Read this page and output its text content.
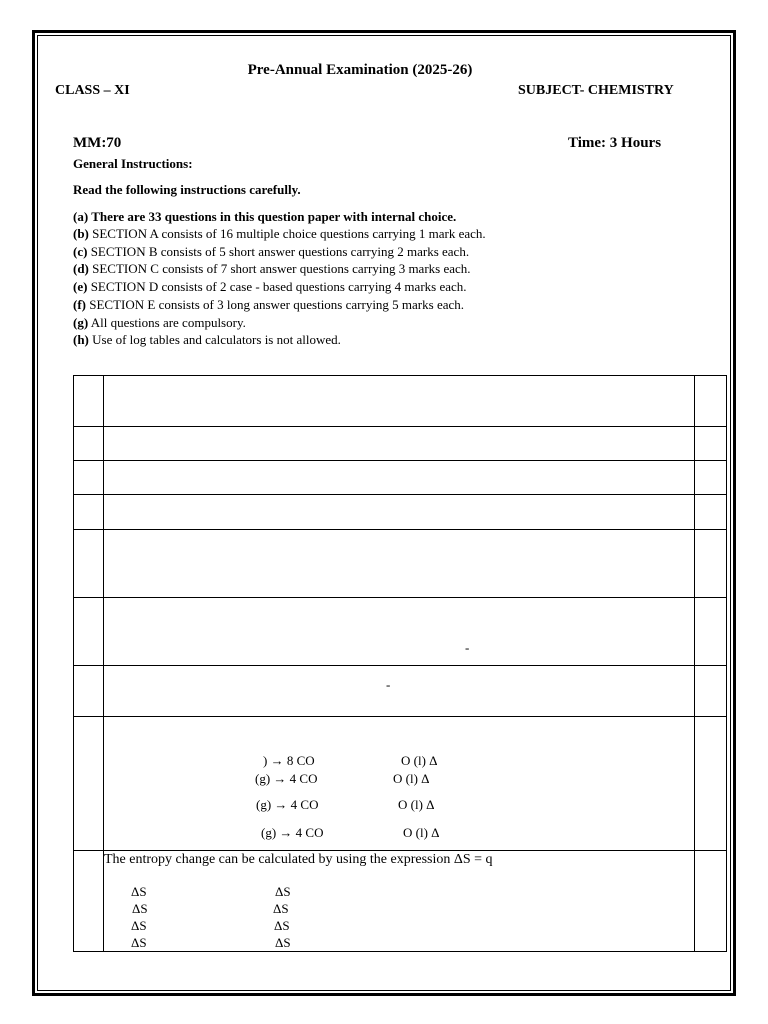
Pre-Annual Examination (2025-26)
CLASS – XI	SUBJECT- CHEMISTRY
MM:70	Time: 3 Hours
General Instructions:
Read the following instructions carefully.
(a) There are 33 questions in this question paper with internal choice.
(b) SECTION A consists of 16 multiple choice questions carrying 1 mark each.
(c) SECTION B consists of 5 short answer questions carrying 2 marks each.
(d) SECTION C consists of 7 short answer questions carrying 3 marks each.
(e) SECTION D consists of 2 case - based questions carrying 4 marks each.
(f) SECTION E consists of 3 long answer questions carrying 5 marks each.
(g) All questions are compulsory.
(h) Use of log tables and calculators is not allowed.
-
-
) → 8 CO	O (l) Δ
(g) → 4 CO	O (l) Δ
(g) → 4 CO	O (l) Δ
(g) → 4 CO	O (l) Δ
The entropy change can be calculated by using the expression ΔS = q
ΔS	ΔS
ΔS	ΔS
ΔS	ΔS
ΔS	ΔS
